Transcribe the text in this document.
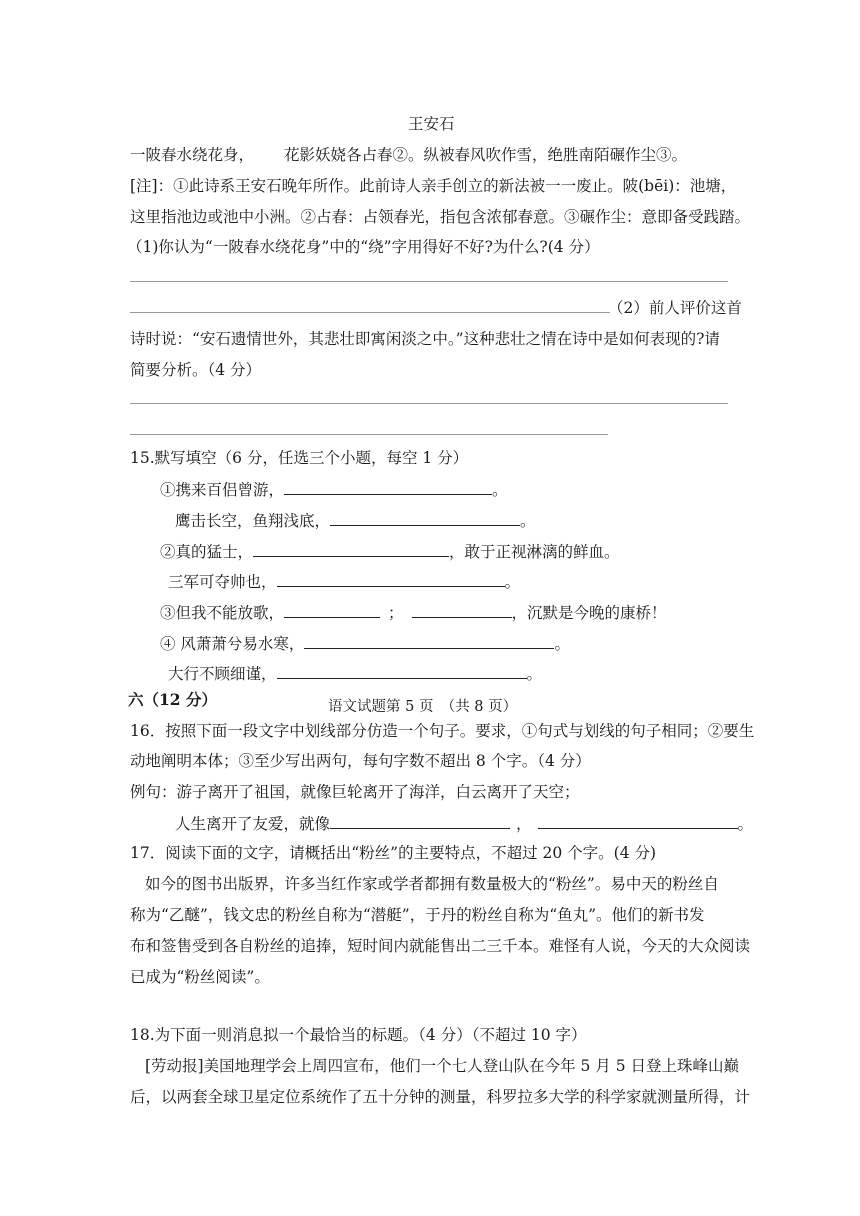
王安石
一陂春水绕花身， 花影妖娆各占春②。纵被春风吹作雪，绝胜南陌碾作尘③。
[注]：①此诗系王安石晚年所作。此前诗人亲手创立的新法被一一废止。陂(bēi)：池塘，
这里指池边或池中小洲。②占春：占领春光，指包含浓郁春意。③碾作尘：意即备受践踏。
（1)你认为“一陂春水绕花身”中的“绕”字用得好不好?为什么?(4 分）
（2）前人评价这首
诗时说：“安石遗情世外，其悲壮即寓闲淡之中。”这种悲壮之情在诗中是如何表现的?请
简要分析。（4 分）
15.默写填空（6 分，任选三个小题，每空 1 分）
①携来百侣曾游，	。
鹰击长空，鱼翔浅底，	。
②真的猛士，	，敢于正视淋漓的鲜血。
三军可夺帅也，	。
③但我不能放歌，	；	，沉默是今晚的康桥！
④ 风萧萧兮易水寒，	。
大行不顾细谨，	。
六（12 分）	语文试题第 5 页　（共 8 页）
16．按照下面一段文字中划线部分仿造一个句子。要求，①句式与划线的句子相同；②要生
动地阐明本体；③至少写出两句，每句字数不超出 8 个字。（4 分）
例句：游子离开了祖国，就像巨轮离开了海洋，白云离开了天空；
人生离开了友爱，就像	，	。
17．阅读下面的文字，请概括出“粉丝”的主要特点，不超过 20 个字。(4 分)
如今的图书出版界，许多当红作家或学者都拥有数量极大的“粉丝”。易中天的粉丝自
称为“乙醚”，钱文忠的粉丝自称为“潜艇”，于丹的粉丝自称为“鱼丸”。他们的新书发
布和签售受到各自粉丝的追捧，短时间内就能售出二三千本。难怪有人说，今天的大众阅读
已成为“粉丝阅读”。
18.为下面一则消息拟一个最恰当的标题。（4 分）（不超过 10 字）
[劳动报]美国地理学会上周四宣布，他们一个七人登山队在今年 5 月 5 日登上珠峰山巅
后，以两套全球卫星定位系统作了五十分钟的测量，科罗拉多大学的科学家就测量所得，计
